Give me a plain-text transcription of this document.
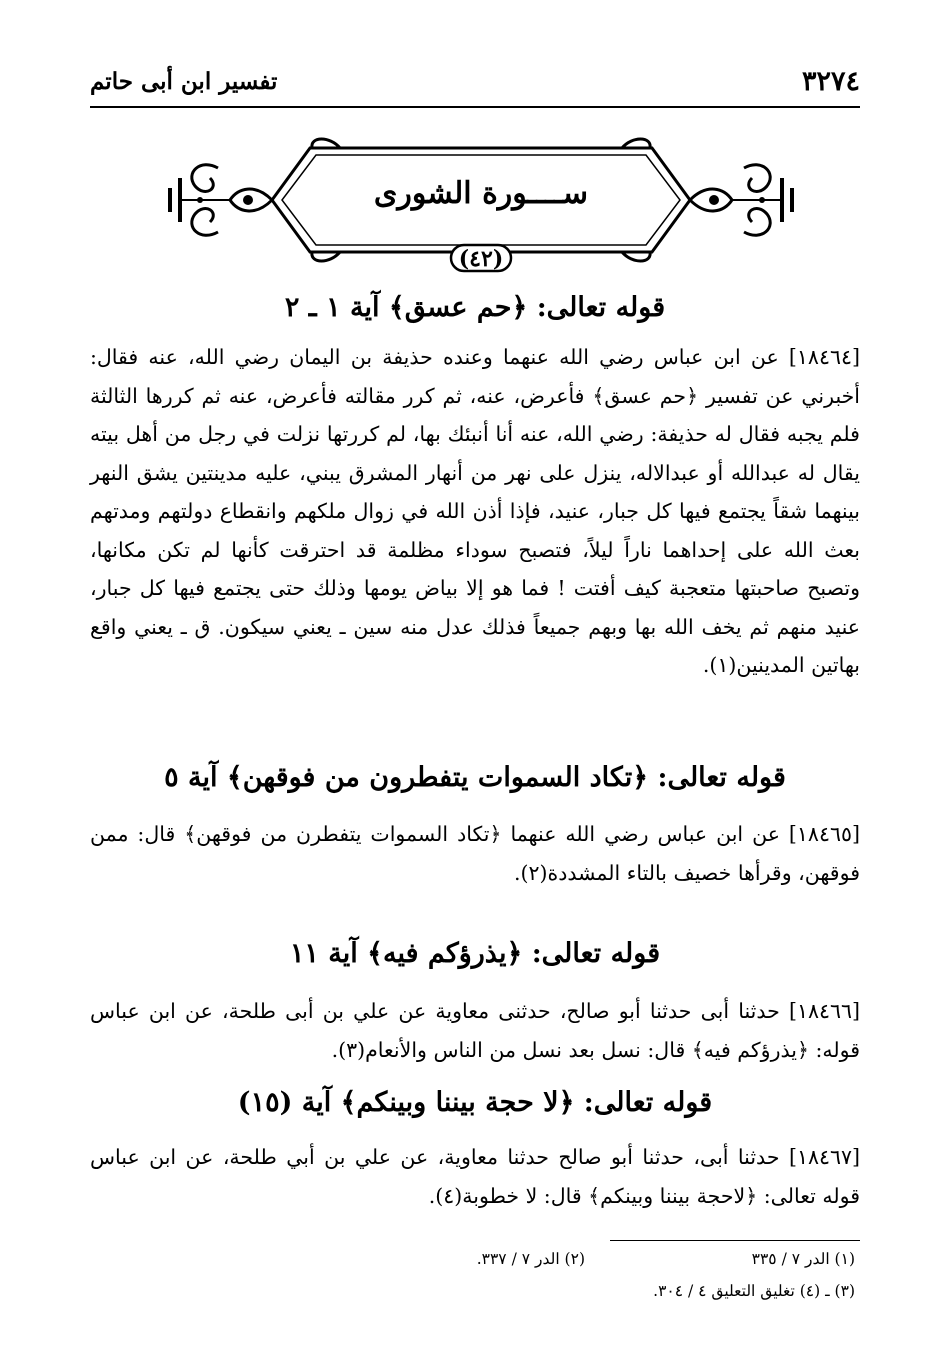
٣٢٧٤
تفسير ابن أبى حاتم
ســــورة الشورى
(٤٢)
قوله تعالى: ﴿حم عسق﴾ آية ١ ـ ٢
[١٨٤٦٤] عن ابن عباس رضي الله عنهما وعنده حذيفة بن اليمان رضي الله، عنه فقال: أخبرني عن تفسير ﴿حم عسق﴾ فأعرض، عنه، ثم كرر مقالته فأعرض، عنه ثم كررها الثالثة فلم يجبه فقال له حذيفة: رضي الله، عنه أنا أنبئك بها، لم كررتها نزلت في رجل من أهل بيته يقال له عبدالله أو عبدالاله، ينزل على نهر من أنهار المشرق يبني، عليه مدينتين يشق النهر بينهما شقاً يجتمع فيها كل جبار، عنيد، فإذا أذن الله في زوال ملكهم وانقطاع دولتهم ومدتهم بعث الله على إحداهما ناراً ليلاً، فتصبح سوداء مظلمة قد احترقت كأنها لم تكن مكانها، وتصبح صاحبتها متعجبة كيف أفتت ! فما هو إلا بياض يومها وذلك حتى يجتمع فيها كل جبار، عنيد منهم ثم يخف الله بها وبهم جميعاً فذلك عدل منه سين ـ يعني سيكون. ق ـ يعني واقع بهاتين المدينين(١).
قوله تعالى: ﴿تكاد السموات يتفطرون من فوقهن﴾ آية ٥
[١٨٤٦٥] عن ابن عباس رضي الله عنهما ﴿تكاد السموات يتفطرن من فوقهن﴾ قال: ممن فوقهن، وقرأها خصيف بالتاء المشددة(٢).
قوله تعالى: ﴿يذرؤكم فيه﴾ آية ١١
[١٨٤٦٦] حدثنا أبى حدثنا أبو صالح، حدثنى معاوية عن علي بن أبى طلحة، عن ابن عباس قوله: ﴿يذرؤكم فيه﴾ قال: نسل بعد نسل من الناس والأنعام(٣).
قوله تعالى: ﴿لا حجة بيننا وبينكم﴾ آية (١٥)
[١٨٤٦٧] حدثنا أبى، حدثنا أبو صالح حدثنا معاوية، عن علي بن أبي طلحة، عن ابن عباس قوله تعالى: ﴿لاحجة بيننا وبينكم﴾ قال: لا خطوبة(٤).
(١) الدر ٧ / ٣٣٥
(٢) الدر ٧ / ٣٣٧.
(٣) ـ (٤) تغليق التعليق ٤ / ٣٠٤.
